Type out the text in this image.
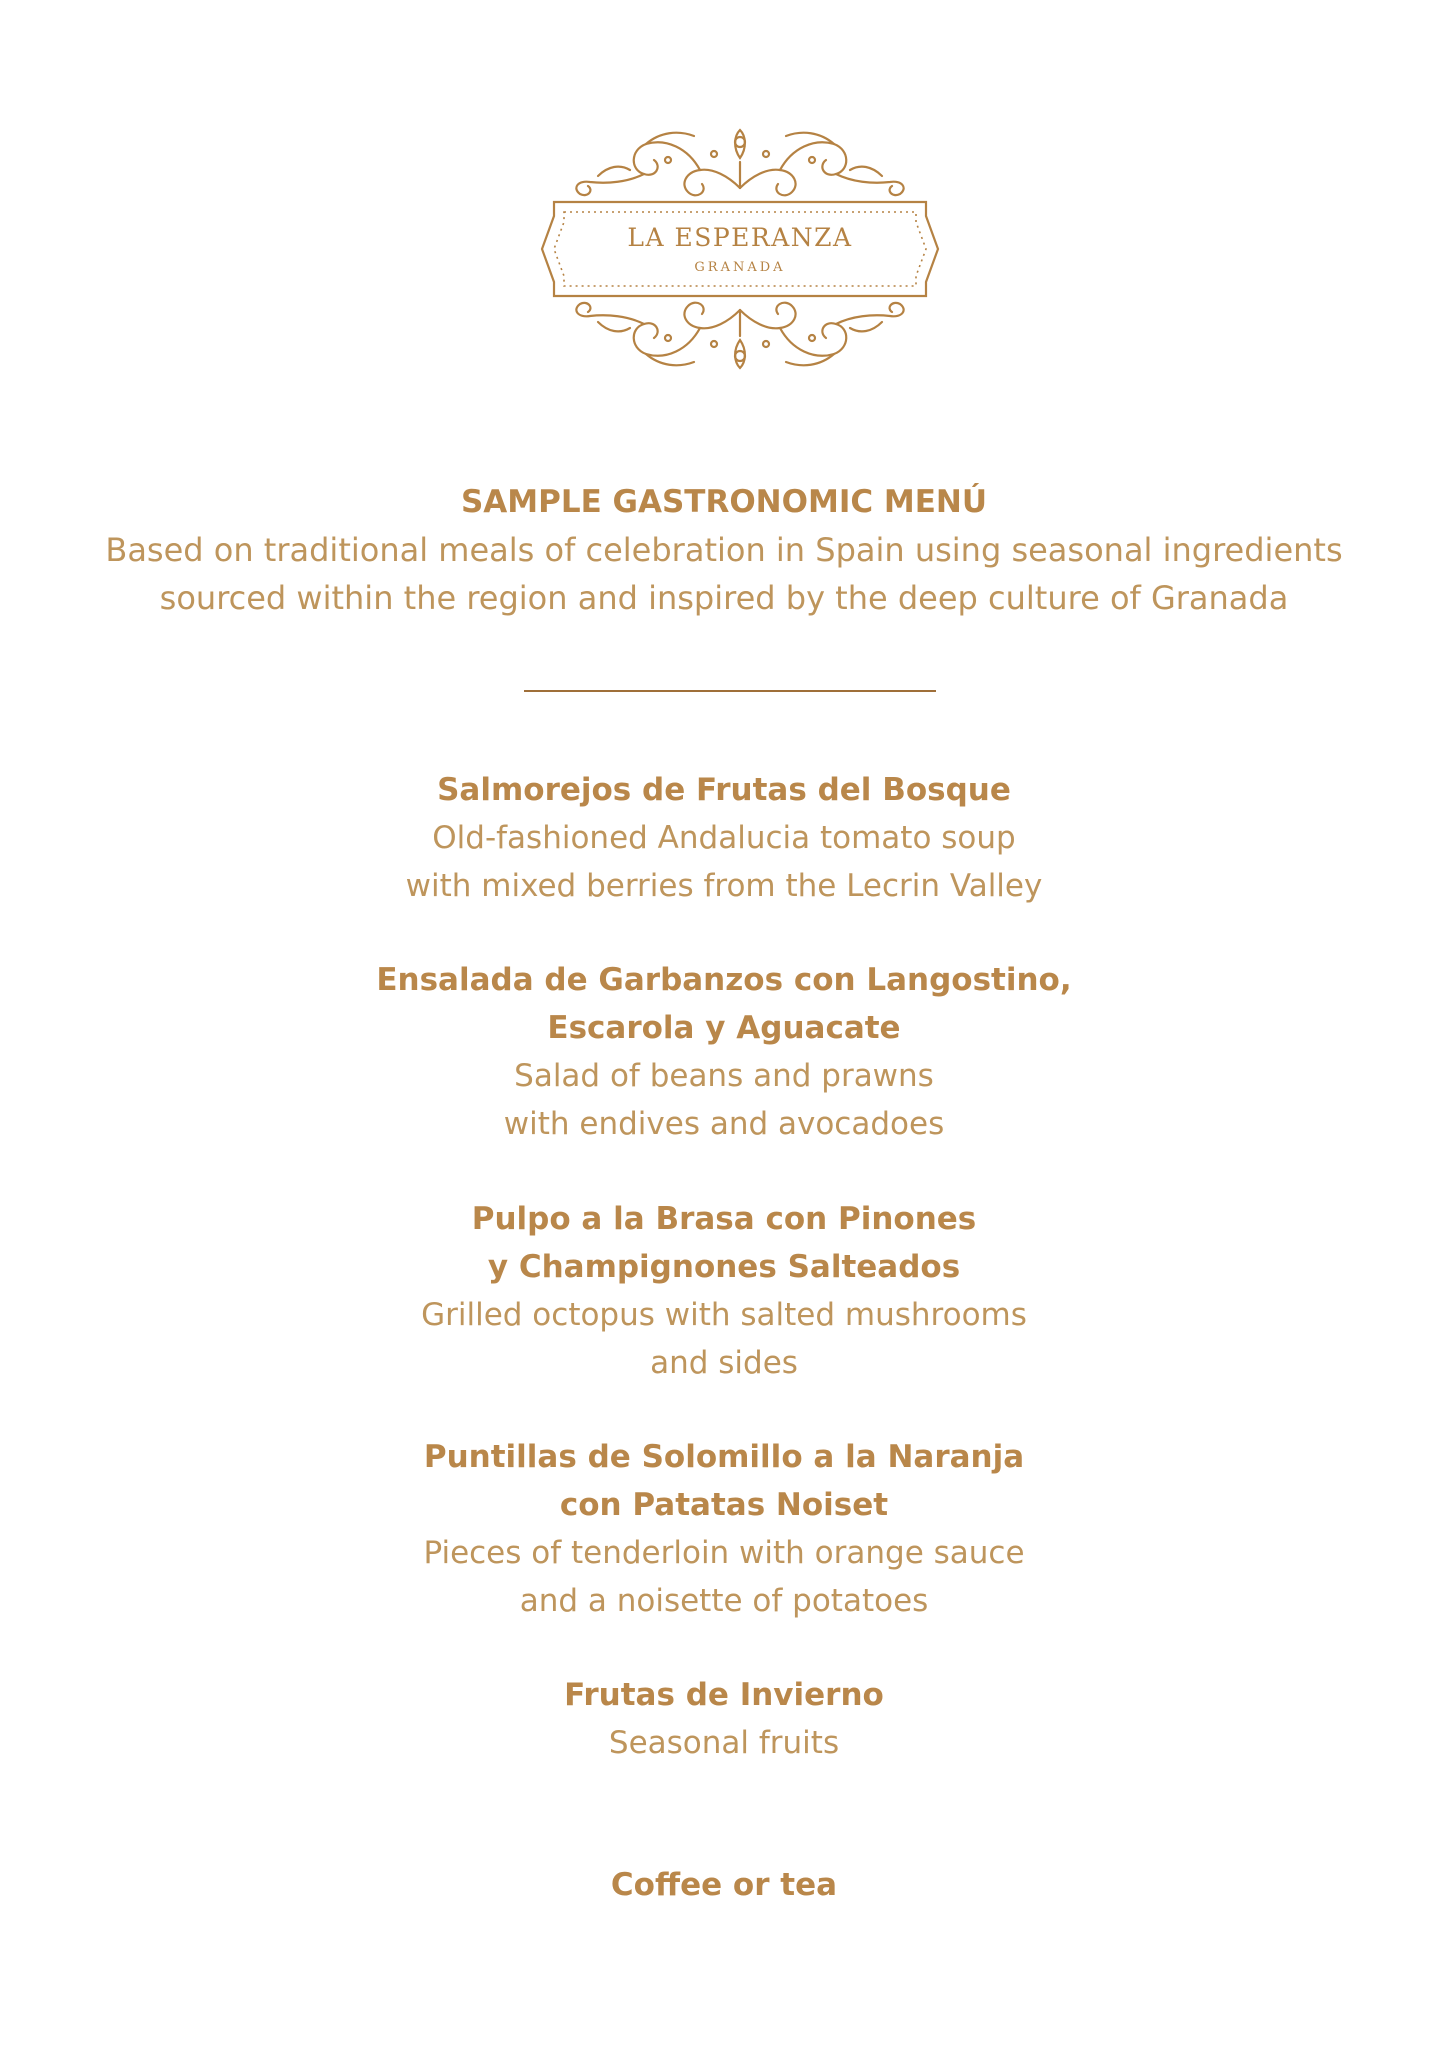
LA ESPERANZA
GRANADA
SAMPLE GASTRONOMIC MENÚ
Based on traditional meals of celebration in Spain using seasonal ingredients
sourced within the region and inspired by the deep culture of Granada
Salmorejos de Frutas del Bosque
Old-fashioned Andalucia tomato soup
with mixed berries from the Lecrin Valley
Ensalada de Garbanzos con Langostino,
Escarola y Aguacate
Salad of beans and prawns
with endives and avocadoes
Pulpo a la Brasa con Pinones
y Champignones Salteados
Grilled octopus with salted mushrooms
and sides
Puntillas de Solomillo a la Naranja
con Patatas Noiset
Pieces of tenderloin with orange sauce
and a noisette of potatoes
Frutas de Invierno
Seasonal fruits
Coffee or tea
